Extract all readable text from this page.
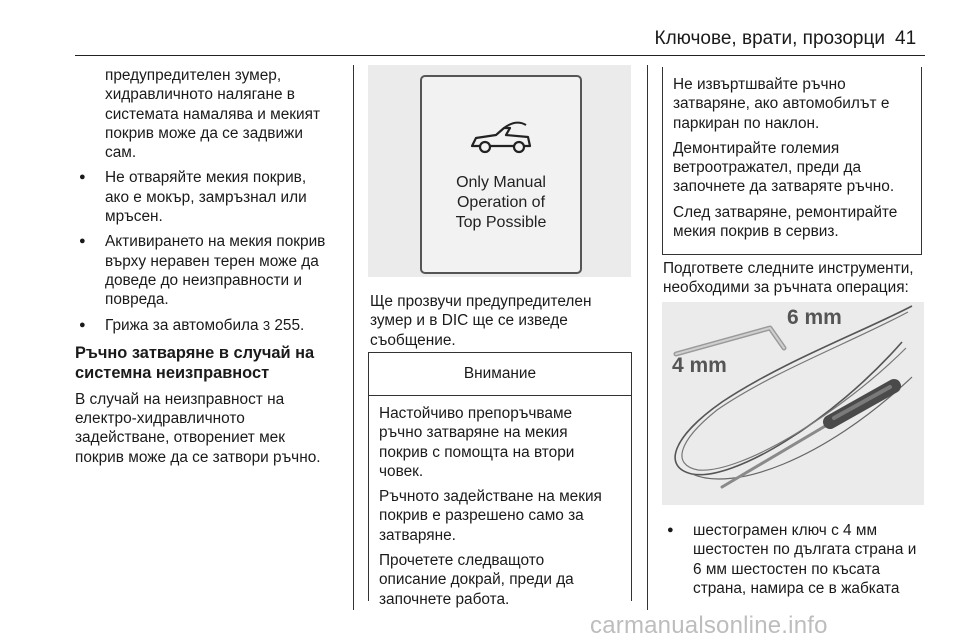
Ключове, врати, прозорци 41

предупредителен зумер,

хидравличното налягане в

системата намалява и мекият

покрив може да се задвижи

сам.

● Не отваряйте мекия покрив,

ако е мокър, замръзнал или

мръсен.

● Активирането на мекия покрив

върху неравен терен може да

доведе до неизправности и

повреда.

● Грижа за автомобила 3 255.

Ръчно затваряне в случай на

системна неизправност

В случай на неизправност на

електро-хидравличното

задействане, отворениет мек

покрив може да се затвори ръчно.

Only Manual
Operation of
Top Possible

Ще прозвучи предупредителен

зумер и в DIC ще се изведе

съобщение.

Внимание

Настойчиво препоръчваме
ръчно затваряне на мекия
покрив с помощта на втори
човек.

Ръчното задействане на мекия
покрив е разрешено само за
затваряне.

Прочетете следващото
описание докрай, преди да
започнете работа.

Не извъртшвайте ръчно
затваряне, ако автомобилът е
паркиран по наклон.

Демонтирайте големия
ветроотражател, преди да
започнете да затваряте ръчно.

След затваряне, ремонтирайте
мекия покрив в сервиз.

Подгответе следните инструменти,

необходими за ръчната операция:

6 mm
4 mm

● шестограмен ключ с 4 мм

шестостен по дългата страна и

6 мм шестостен по късата

страна, намира се в жабката

carmanualsonline.info
